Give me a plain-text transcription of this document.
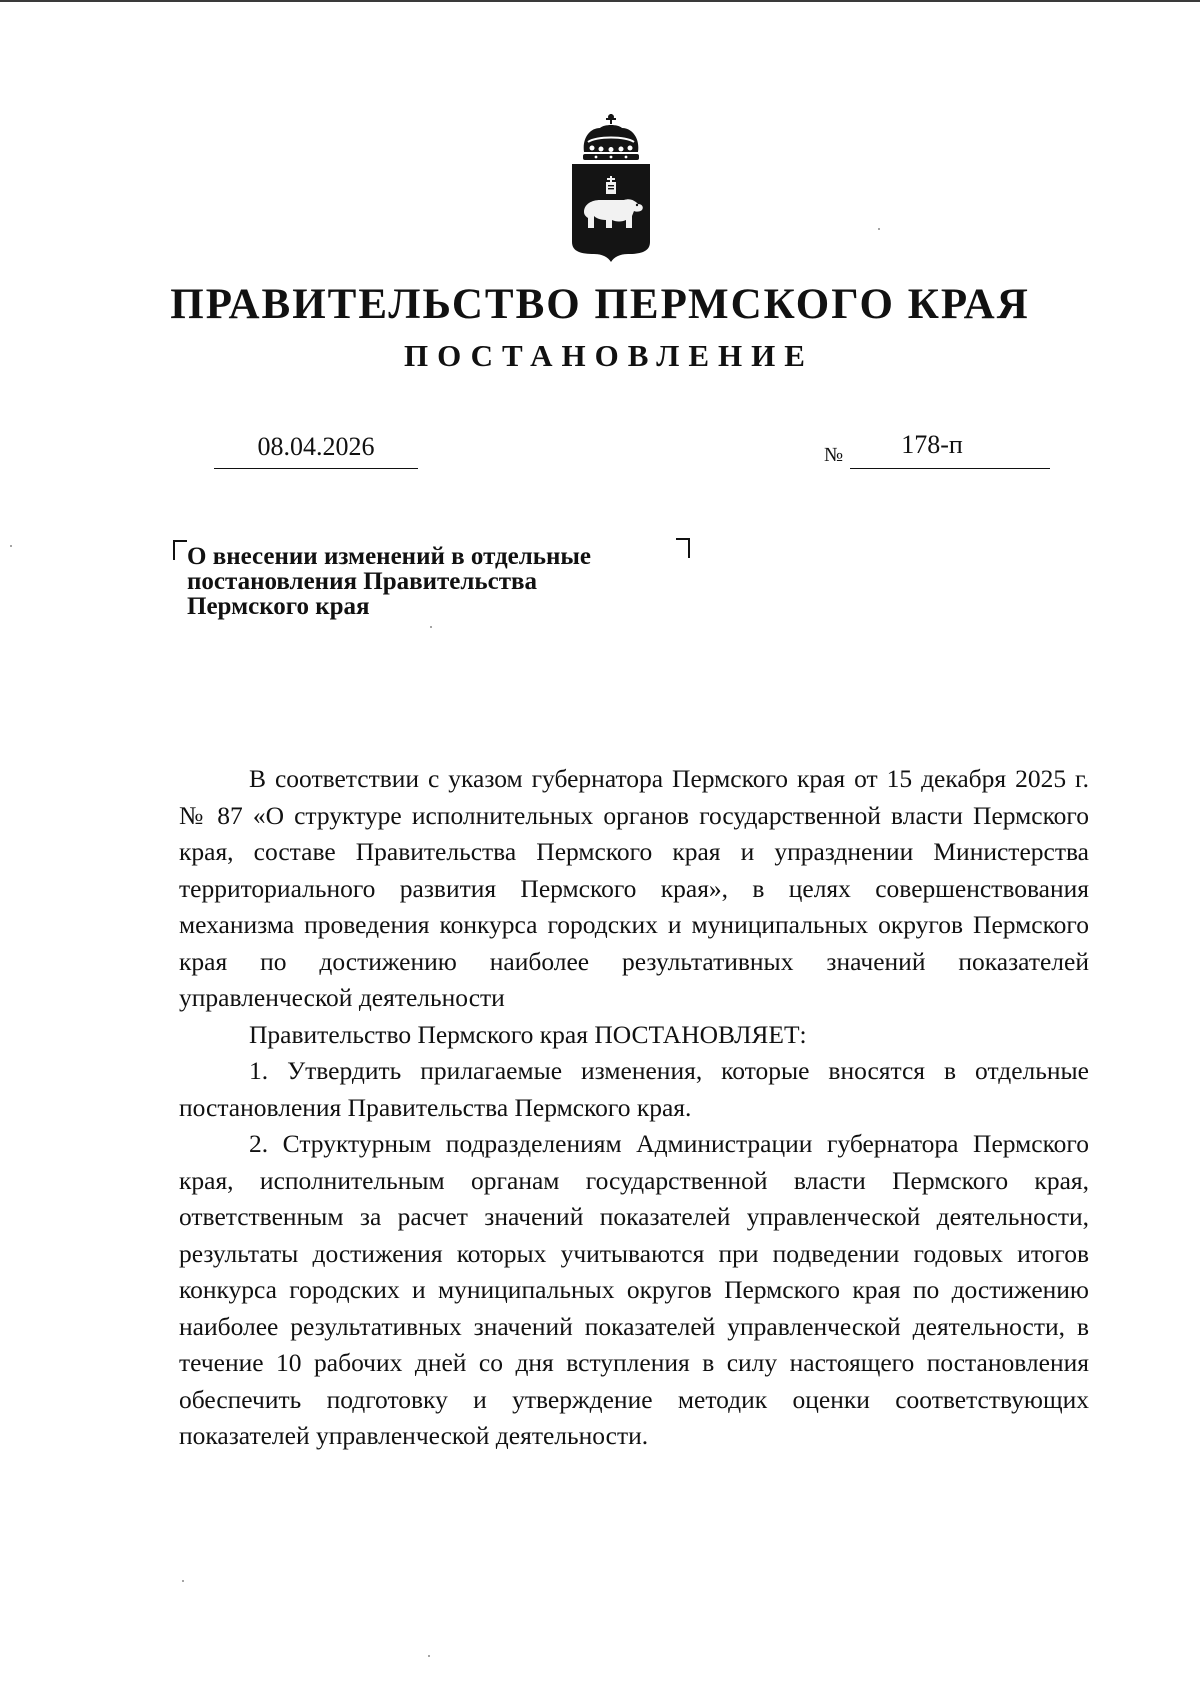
ПРАВИТЕЛЬСТВО ПЕРМСКОГО КРАЯ
ПОСТАНОВЛЕНИЕ
08.04.2026	№	178-п
О внесении изменений в отдельные
постановления Правительства
Пермского края

В соответствии с указом губернатора Пермского края от 15 декабря 2025 г. № 87 «О структуре исполнительных органов государственной власти Пермского края, составе Правительства Пермского края и упразднении Министерства территориального развития Пермского края», в целях совершенствования механизма проведения конкурса городских и муниципальных округов Пермского края по достижению наиболее результативных значений показателей управленческой деятельности

Правительство Пермского края ПОСТАНОВЛЯЕТ:

1. Утвердить прилагаемые изменения, которые вносятся в отдельные постановления Правительства Пермского края.

2. Структурным подразделениям Администрации губернатора Пермского края, исполнительным органам государственной власти Пермского края, ответственным за расчет значений показателей управленческой деятельности, результаты достижения которых учитываются при подведении годовых итогов конкурса городских и муниципальных округов Пермского края по достижению наиболее результативных значений показателей управленческой деятельности, в течение 10 рабочих дней со дня вступления в силу настоящего постановления обеспечить подготовку и утверждение методик оценки соответствующих показателей управленческой деятельности.
